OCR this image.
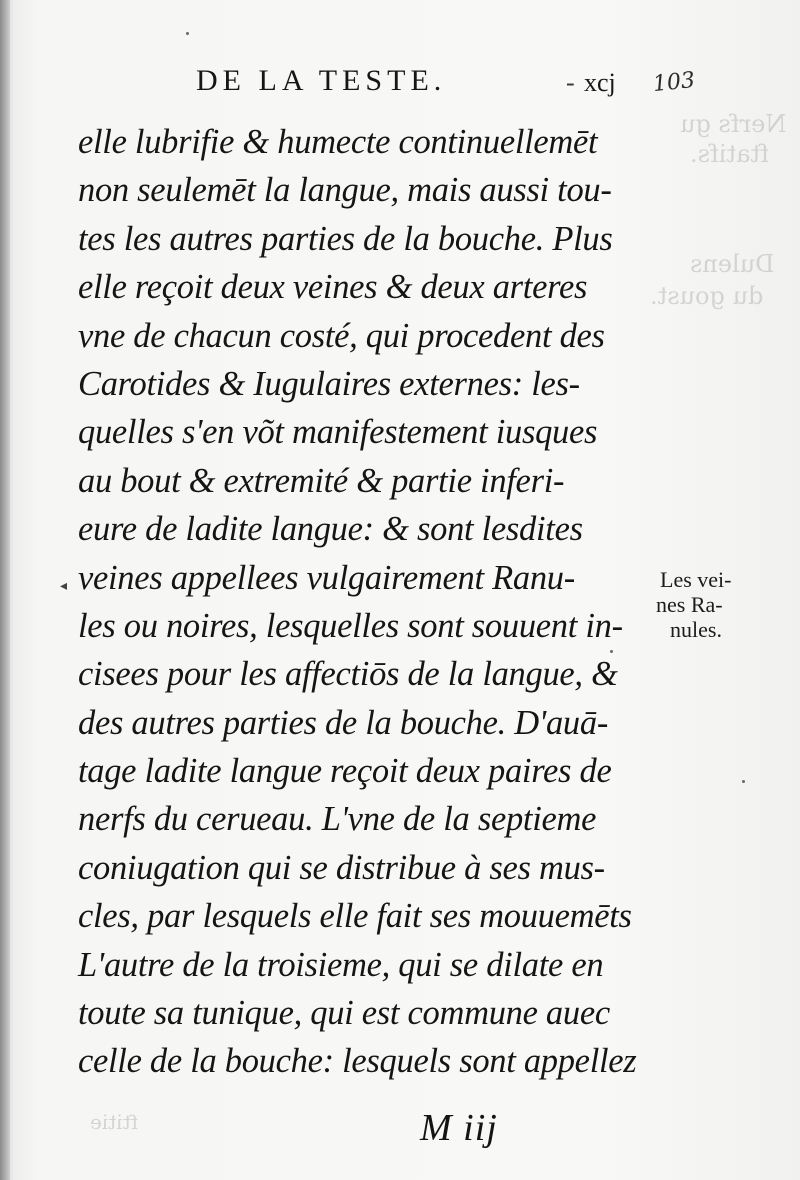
Nerfs gu
ftatifs.
Dulens
du goust.
ftitie
DE LA TESTE.	- xcj 103
◂
elle lubrifie & humecte continuellemēt
non seulemēt la langue, mais aussi tou-
tes les autres parties de la bouche. Plus
elle reçoit deux veines & deux arteres
vne de chacun costé, qui procedent des
Carotides & Iugulaires externes: les-
quelles s'en võt manifestement iusques
au bout & extremité & partie inferi-
eure de ladite langue: & sont lesdites
veines appellees vulgairement Ranu-
les ou noires, lesquelles sont souuent in-
cisees pour les affectiōs de la langue, &
des autres parties de la bouche. D'auā-
tage ladite langue reçoit deux paires de
nerfs du cerueau. L'vne de la septieme
coniugation qui se distribue à ses mus-
cles, par lesquels elle fait ses mouuemēts
L'autre de la troisieme, qui se dilate en
toute sa tunique, qui est commune auec
celle de la bouche: lesquels sont appellez
Les vei-
nes Ra-
nules.
M iij
